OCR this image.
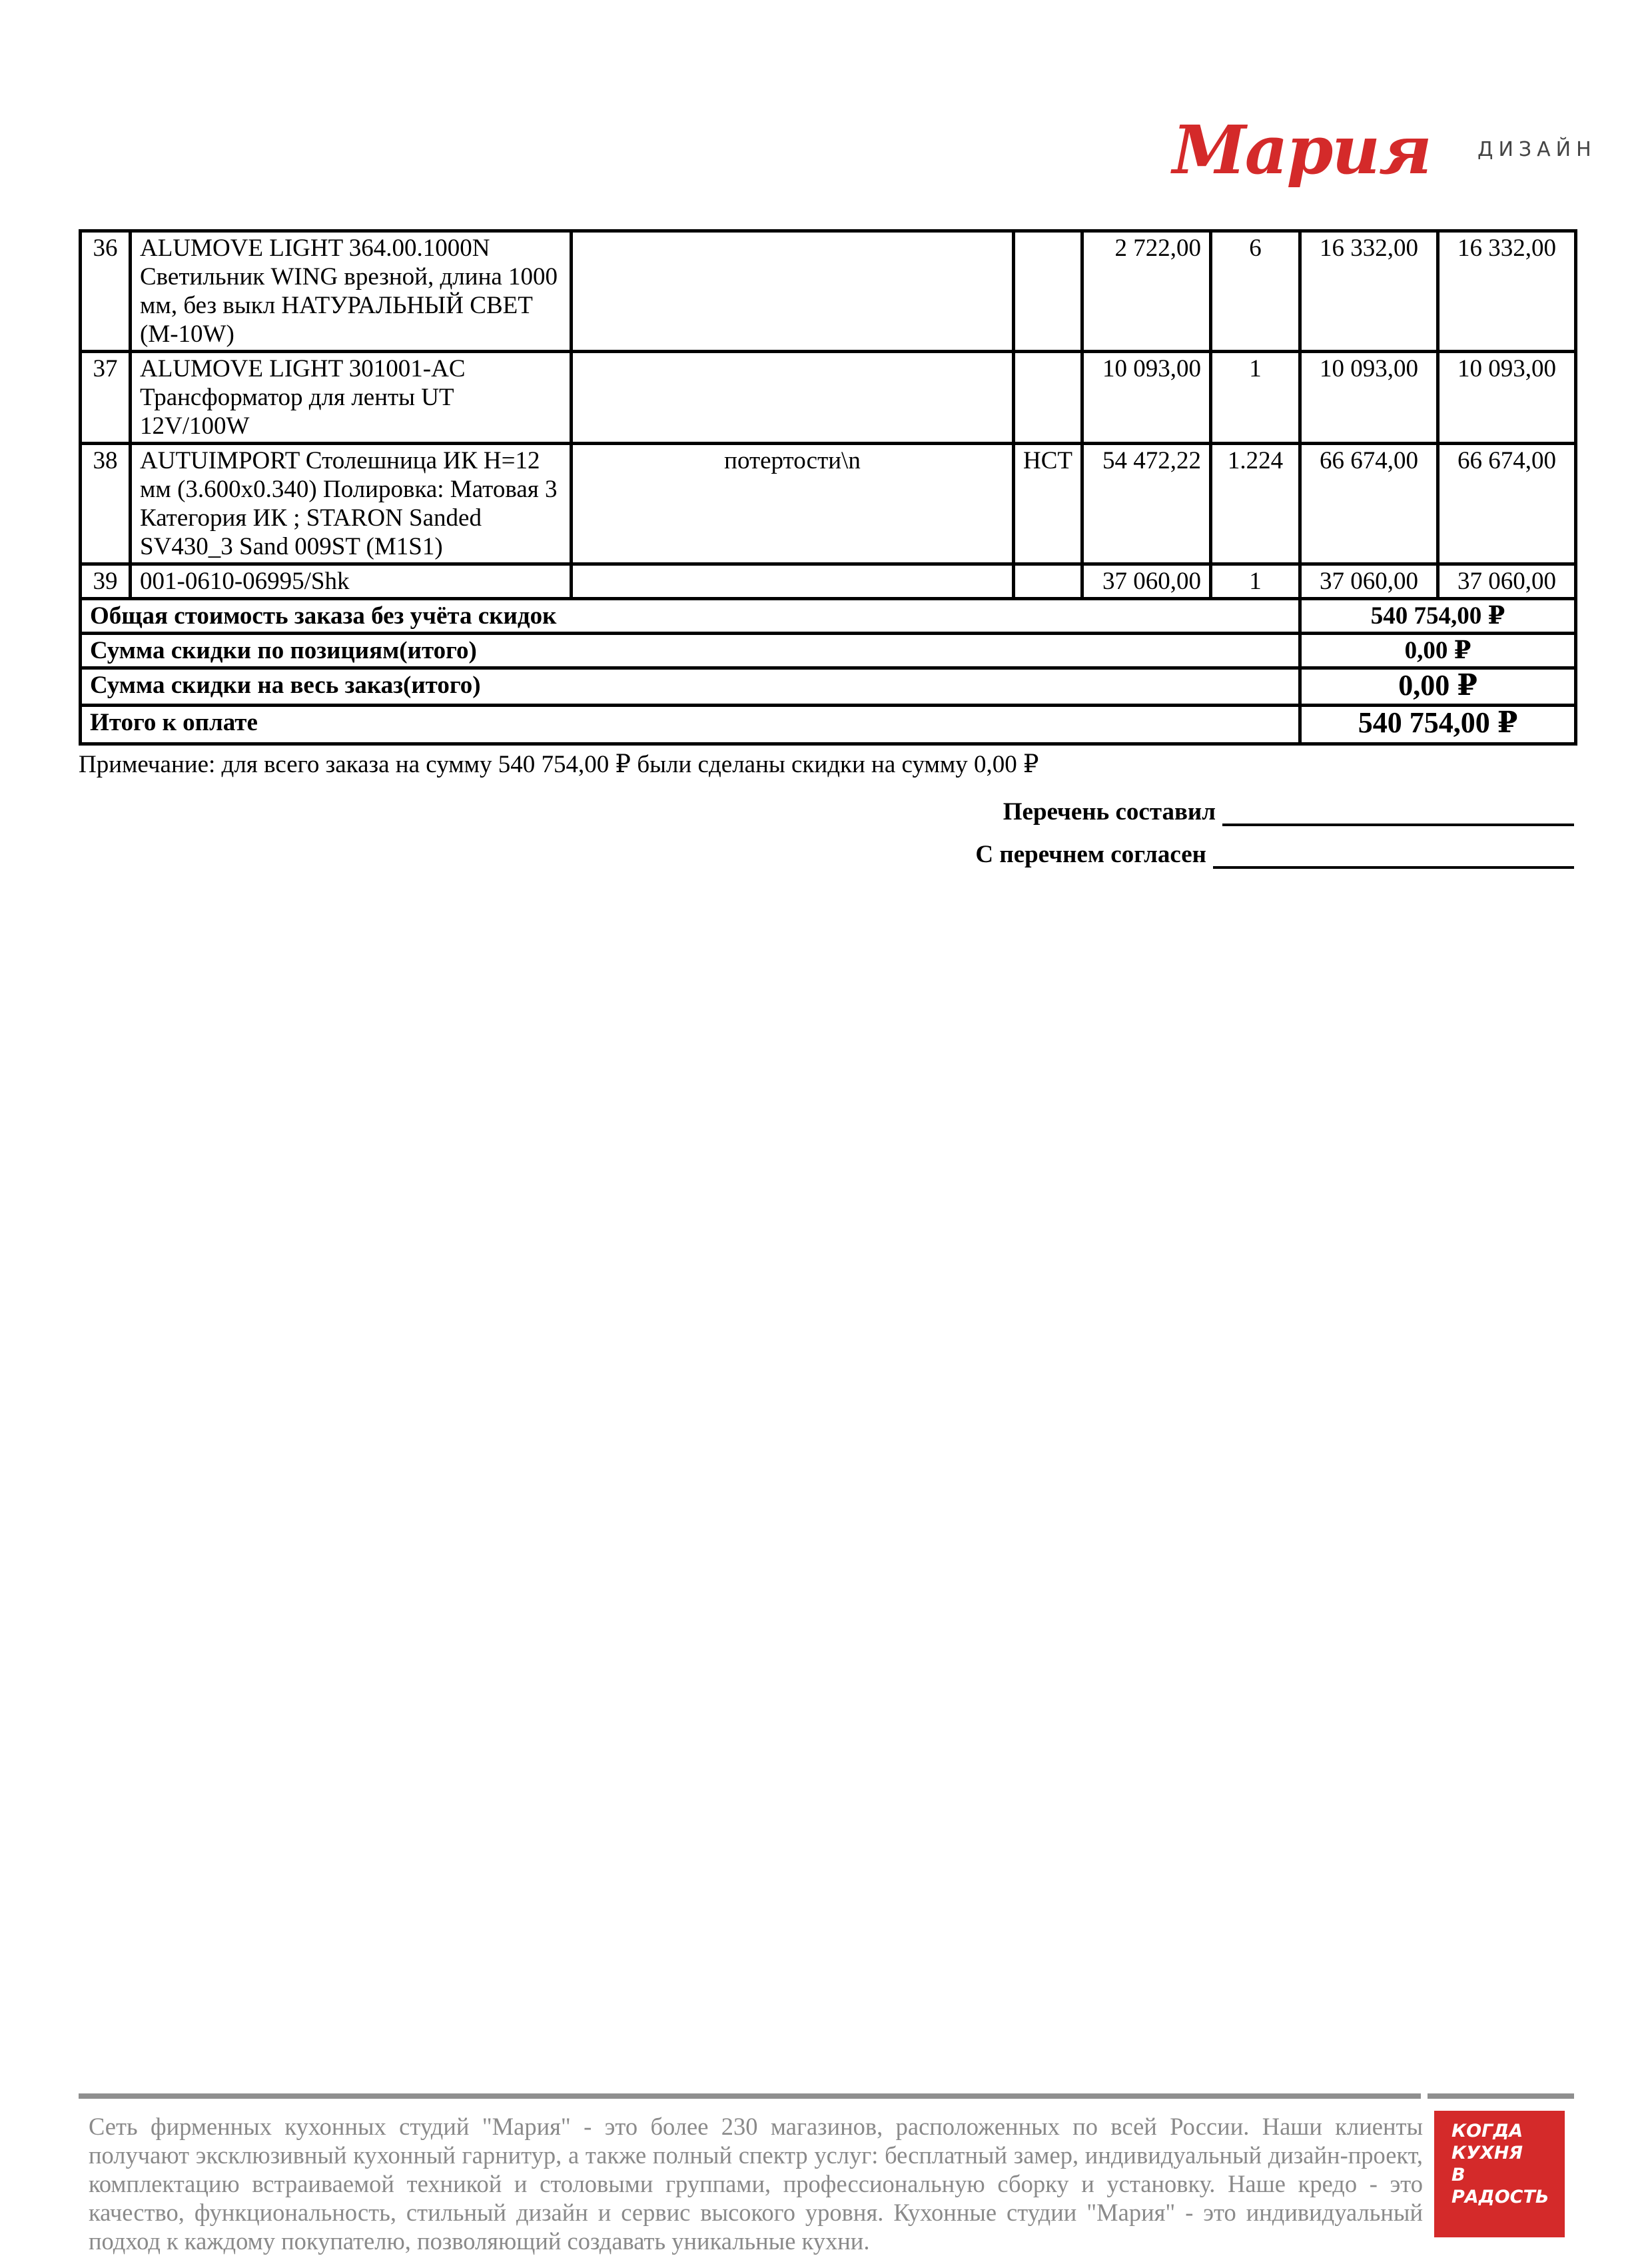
Мария ДИЗАЙН
36	ALUMOVE LIGHT 364.00.1000N Светильник WING врезной, длина 1000 мм, без выкл НАТУРАЛЬНЫЙ СВЕТ (M-10W)			2 722,00	6	16 332,00	16 332,00
37	ALUMOVE LIGHT 301001-AC Трансформатор для ленты UT 12V/100W			10 093,00	1	10 093,00	10 093,00
38	AUTUIMPORT Столешница ИК H=12 мм (3.600x0.340) Полировка: Матовая 3 Категория ИК ; STARON Sanded SV430_3 Sand 009ST (M1S1)	потертости\n	НСТ	54 472,22	1.224	66 674,00	66 674,00
39	001-0610-06995/Shk			37 060,00	1	37 060,00	37 060,00
Общая стоимость заказа без учёта скидок						540 754,00 ₽	
Сумма скидки по позициям(итого)						0,00 ₽	
Сумма скидки на весь заказ(итого)						0,00 ₽	
Итого к оплате						540 754,00 ₽	
Примечание: для всего заказа на сумму 540 754,00 ₽ были сделаны скидки на сумму 0,00 ₽
Перечень составил
С перечнем согласен
Сеть фирменных кухонных студий "Мария" - это более 230 магазинов, расположенных по всей России. Наши клиенты получают эксклюзивный кухонный гарнитур, а также полный спектр услуг: бесплатный замер, индивидуальный дизайн-проект, комплектацию встраиваемой техникой и столовыми группами, профессиональную сборку и установку. Наше кредо - это качество, функциональность, стильный дизайн и сервис высокого уровня. Кухонные студии "Мария" - это индивидуальный подход к каждому покупателю, позволяющий создавать уникальные кухни.
КОГДА
КУХНЯ
В РАДОСТЬ
